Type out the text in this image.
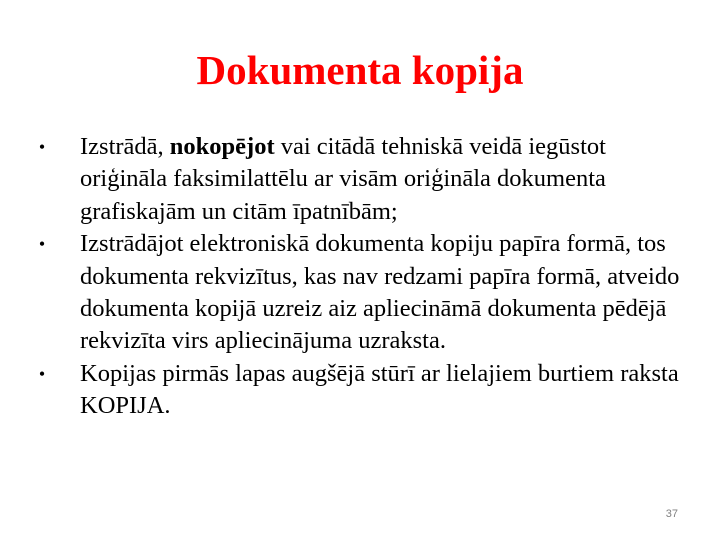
Dokumenta kopija
• Izstrādā, nokopējot vai citādā tehniskā veidā iegūstot oriģināla faksimilattēlu ar visām oriģināla dokumenta grafiskajām un citām īpatnībām;
• Izstrādājot elektroniskā dokumenta kopiju papīra formā, tos dokumenta rekvizītus, kas nav redzami papīra formā, atveido dokumenta kopijā uzreiz aiz apliecināmā dokumenta pēdējā rekvizīta virs apliecinājuma uzraksta.
• Kopijas pirmās lapas augšējā stūrī ar lielajiem burtiem raksta KOPIJA.
37
